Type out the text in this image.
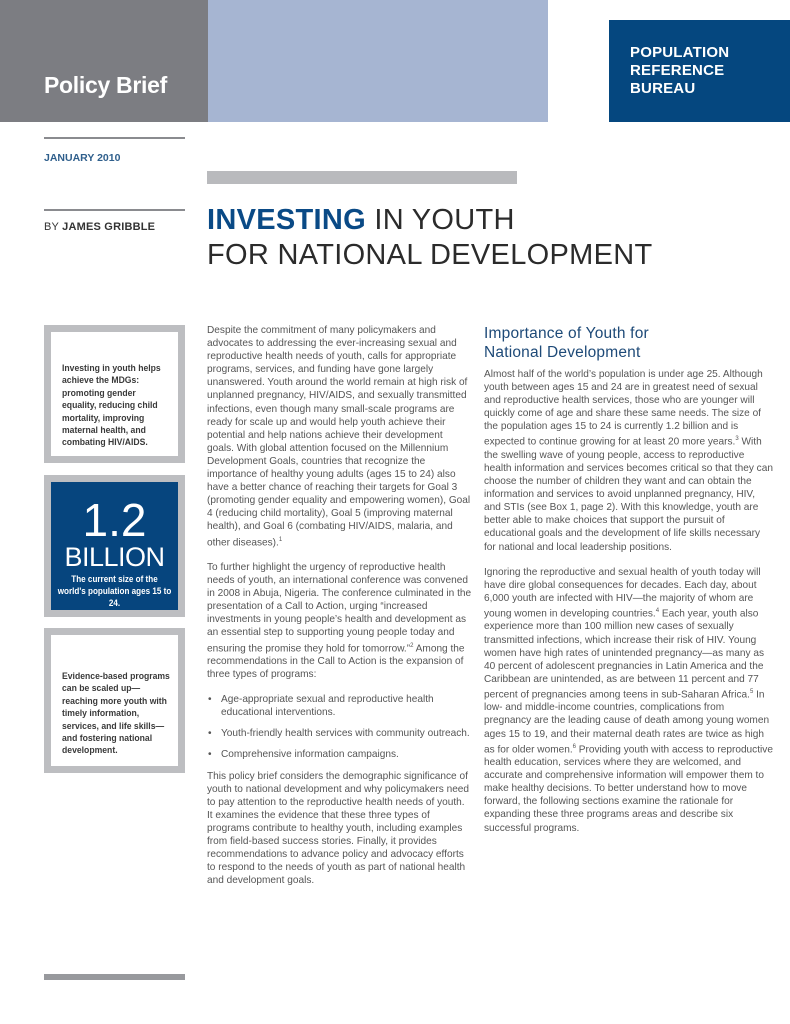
Policy Brief
POPULATION
REFERENCE
BUREAU
JANUARY 2010
BY JAMES GRIBBLE INVESTING IN YOUTH
FOR NATIONAL DEVELOPMENT
Investing in youth helps achieve the MDGs: promoting gender equality, reducing child mortality, improving maternal health, and combating HIV/AIDS.
1.2
BILLION
The current size of the world's population ages 15 to 24.
Evidence-based programs can be scaled up—reaching more youth with timely information, services, and life skills—and fostering national development.

Despite the commitment of many policymakers and advocates to addressing the ever-increasing sexual and reproductive health needs of youth, calls for appropriate programs, services, and funding have gone largely unanswered. Youth around the world remain at high risk of unplanned pregnancy, HIV/AIDS, and sexually transmitted infections, even though many small-scale programs are ready for scale up and would help youth achieve their potential and help nations achieve their development goals. With global attention focused on the Millennium Development Goals, countries that recognize the importance of healthy young adults (ages 15 to 24) also have a better chance of reaching their targets for Goal 3 (promoting gender equality and empowering women), Goal 4 (reducing child mortality), Goal 5 (improving maternal health), and Goal 6 (combating HIV/AIDS, malaria, and other diseases).$^1$

To further highlight the urgency of reproductive health needs of youth, an international conference was convened in 2008 in Abuja, Nigeria. The conference culminated in the presentation of a Call to Action, urging “increased investments in young people’s health and development as an essential step to supporting young people today and ensuring the promise they hold for tomorrow.”$^2$ Among the recommendations in the Call to Action is the expansion of three types of programs:

• Age-appropriate sexual and reproductive health educational interventions.
• Youth-friendly health services with community outreach.
• Comprehensive information campaigns.

This policy brief considers the demographic significance of youth to national development and why policymakers need to pay attention to the reproductive health needs of youth. It examines the evidence that these three types of programs contribute to healthy youth, including examples from field-based success stories. Finally, it provides recommendations to advance policy and advocacy efforts to respond to the needs of youth as part of national health and development goals.

Importance of Youth for National Development

Almost half of the world’s population is under age 25. Although youth between ages 15 and 24 are in greatest need of sexual and reproductive health services, those who are younger will quickly come of age and share these same needs. The size of the population ages 15 to 24 is currently 1.2 billion and is expected to continue growing for at least 20 more years.$^3$ With the swelling wave of young people, access to reproductive health information and services becomes critical so that they can choose the number of children they want and can obtain the information and services to avoid unplanned pregnancy, HIV, and STIs (see Box 1, page 2). With this knowledge, youth are better able to make choices that support the pursuit of educational goals and the development of life skills necessary for national and local leadership positions.

Ignoring the reproductive and sexual health of youth today will have dire global consequences for decades. Each day, about 6,000 youth are infected with HIV—the majority of whom are young women in developing countries.$^4$ Each year, youth also experience more than 100 million new cases of sexually transmitted infections, which increase their risk of HIV. Young women have high rates of unintended pregnancy—as many as 40 percent of adolescent pregnancies in Latin America and the Caribbean are unintended, as are between 11 percent and 77 percent of pregnancies among teens in sub-Saharan Africa.$^5$ In low- and middle-income countries, complications from pregnancy are the leading cause of death among young women ages 15 to 19, and their maternal death rates are twice as high as for older women.$^6$ Providing youth with access to reproductive health education, services where they are welcomed, and accurate and comprehensive information will empower them to make healthy decisions. To better understand how to move forward, the following sections examine the rationale for expanding these three programs areas and describe six successful programs.
